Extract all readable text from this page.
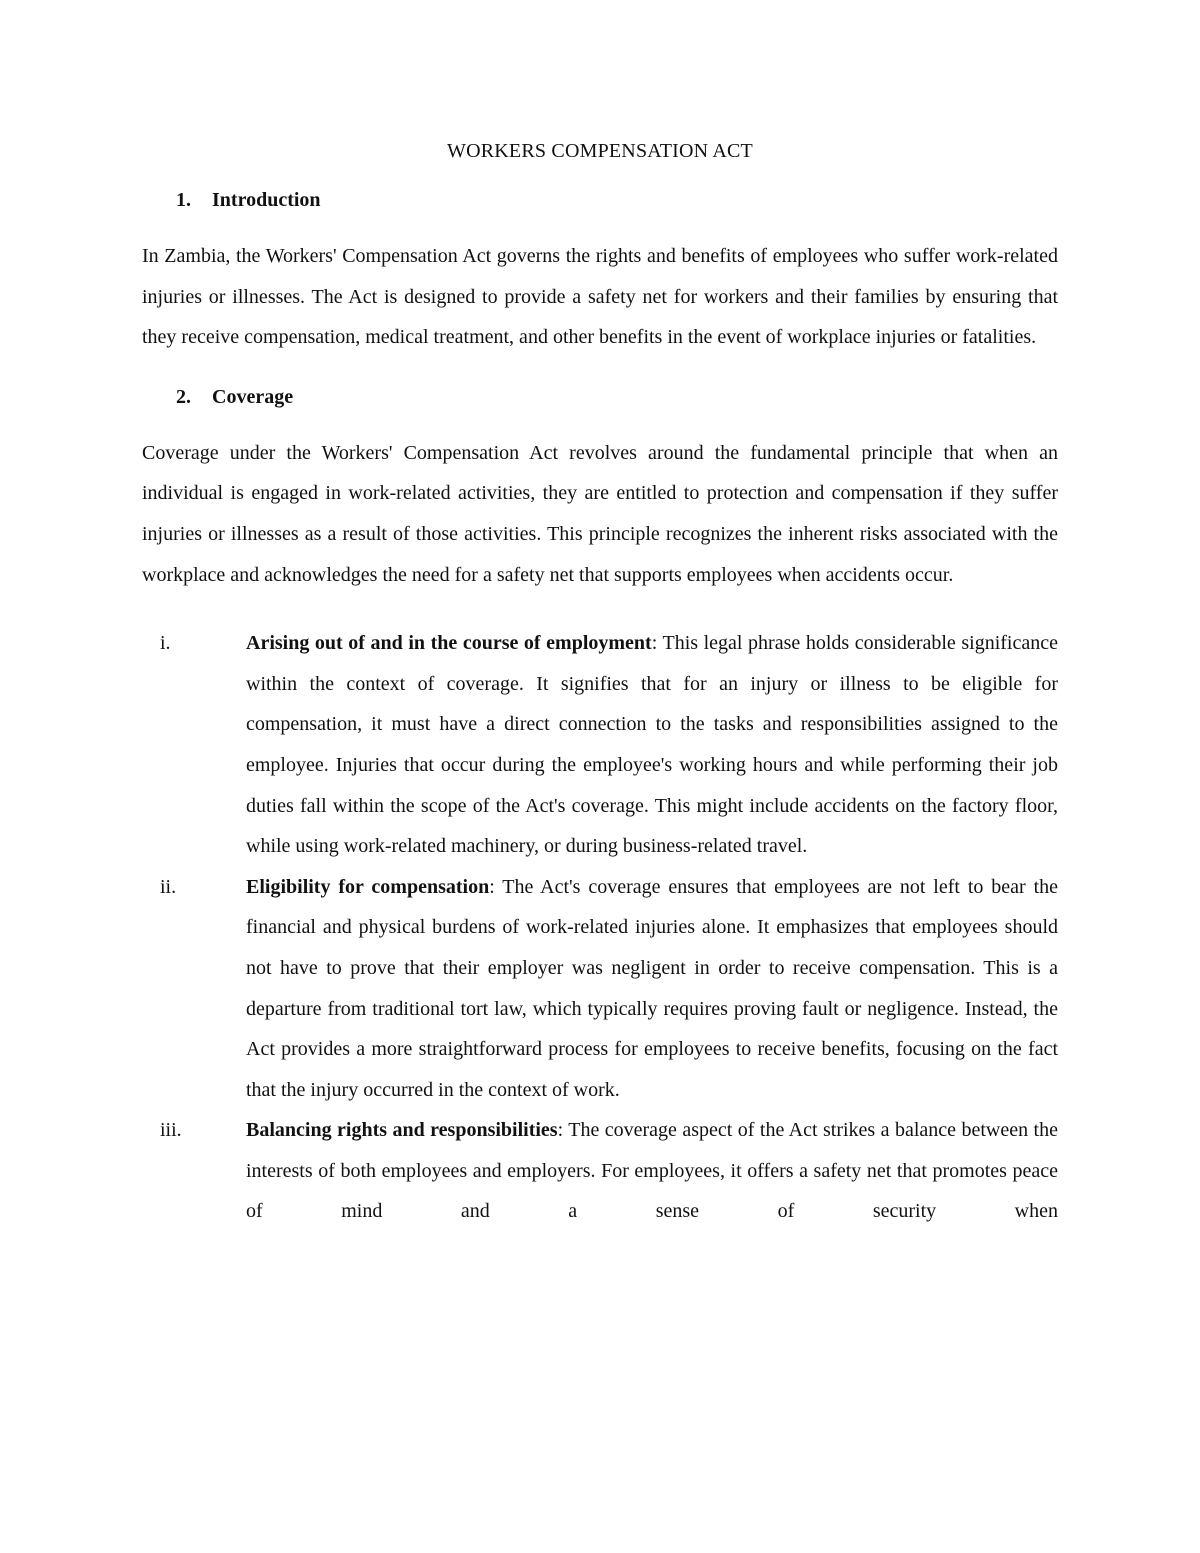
WORKERS COMPENSATION ACT
1.	Introduction

In Zambia, the Workers' Compensation Act governs the rights and benefits of employees who suffer work-related injuries or illnesses. The Act is designed to provide a safety net for workers and their families by ensuring that they receive compensation, medical treatment, and other benefits in the event of workplace injuries or fatalities.

2.	Coverage

Coverage under the Workers' Compensation Act revolves around the fundamental principle that when an individual is engaged in work-related activities, they are entitled to protection and compensation if they suffer injuries or illnesses as a result of those activities. This principle recognizes the inherent risks associated with the workplace and acknowledges the need for a safety net that supports employees when accidents occur.

i.	Arising out of and in the course of employment: This legal phrase holds considerable significance within the context of coverage. It signifies that for an injury or illness to be eligible for compensation, it must have a direct connection to the tasks and responsibilities assigned to the employee. Injuries that occur during the employee's working hours and while performing their job duties fall within the scope of the Act's coverage. This might include accidents on the factory floor, while using work-related machinery, or during business-related travel.
ii.	Eligibility for compensation: The Act's coverage ensures that employees are not left to bear the financial and physical burdens of work-related injuries alone. It emphasizes that employees should not have to prove that their employer was negligent in order to receive compensation. This is a departure from traditional tort law, which typically requires proving fault or negligence. Instead, the Act provides a more straightforward process for employees to receive benefits, focusing on the fact that the injury occurred in the context of work.
iii.	Balancing rights and responsibilities: The coverage aspect of the Act strikes a balance between the interests of both employees and employers. For employees, it offers a safety net that promotes peace of mind and a sense of security when
